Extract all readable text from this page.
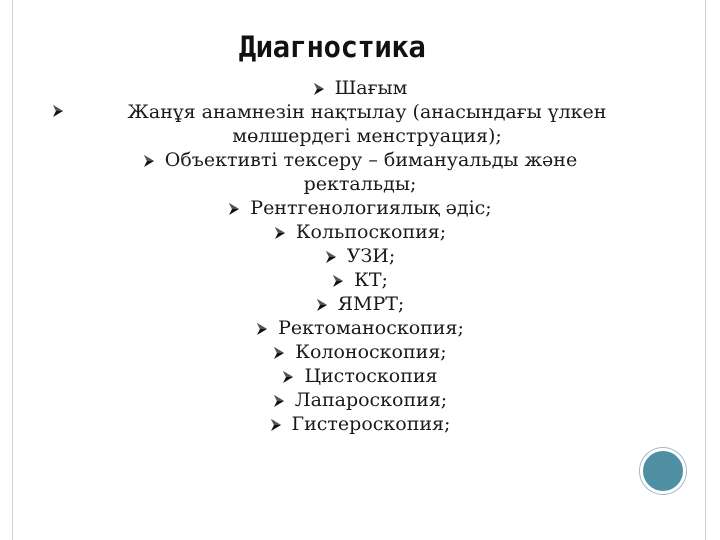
Диагностика
Шағым
Жанұя анамнезін нақтылау (анасындағы үлкен мөлшердегі менструация);
Объективті тексеру – бимануальды және ректальды;
Рентгенологиялық әдіс;
Кольпоскопия;
УЗИ;
КТ;
ЯМРТ;
Ректоманоскопия;
Колоноскопия;
Цистоскопия
Лапароскопия;
Гистероскопия;
